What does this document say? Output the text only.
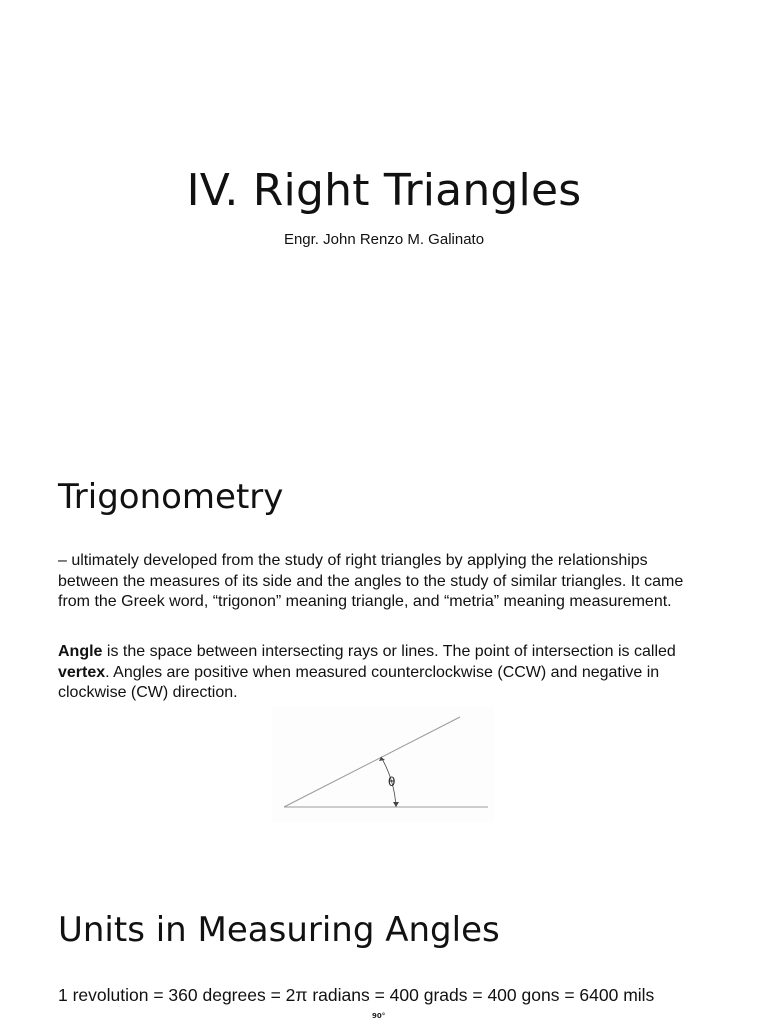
IV. Right Triangles
Engr. John Renzo M. Galinato
Trigonometry

– ultimately developed from the study of right triangles by applying the relationships between the measures of its side and the angles to the study of similar triangles. It came from the Greek word, “trigonon” meaning triangle, and “metria” meaning measurement.

Angle is the space between intersecting rays or lines. The point of intersection is called vertex. Angles are positive when measured counterclockwise (CCW) and negative in clockwise (CW) direction.

θ
Units in Measuring Angles

1 revolution = 360 degrees = 2π radians = 400 grads = 400 gons = 6400 mils

90°
